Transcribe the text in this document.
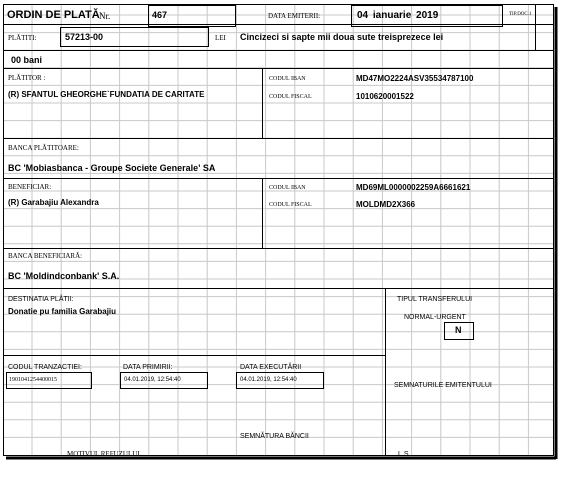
ORDIN DE PLATĂ Nr.	467	DATA EMITERII:	04 ianuarie 2019	TIP.DOC.1
PLĂTITI:	57213-00	LEI Cincizeci si sapte mii doua sute treisprezece lei
00 bani
PLĂTITOR :
(R) SFANTUL GHEORGHE`FUNDATIA DE CARITATE
CODUL IBAN	MD47MO2224ASV35534787100
CODUL FISCAL	1010620001522
BANCA PLĂTITOARE:
BC 'Mobiasbanca - Groupe Societe Generale' SA
BENEFICIAR:
(R) Garabajiu Alexandra
CODUL IBAN	MD69ML0000002259A6661621
CODUL FISCAL	MOLDMD2X366
BANCA BENEFICIARĂ:
BC 'Moldindconbank' S.A.
DESTINATIA PLĂTII:
Donatie pu familia Garabajiu
TIPUL TRANSFERULUI
NORMAL-URGENT
N
CODUL TRANZACTIEI:
1901041254400015
DATA PRIMIRII:
04.01.2019, 12:54:40
DATA EXECUTĂRII
04.01.2019, 12:54:40
SEMNATURILE EMITENTULUI
SEMNĂTURA BĂNCII
MOTIVUL REFUZULUI	L.S.
